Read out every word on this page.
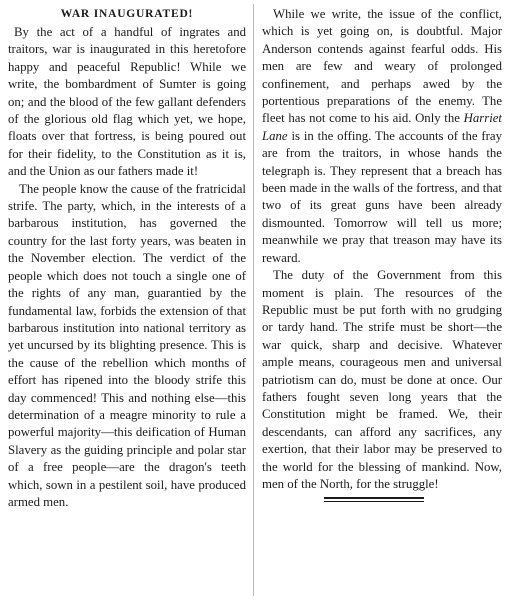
WAR INAUGURATED!

By the act of a handful of ingrates and traitors, war is inaugurated in this heretofore happy and peaceful Republic! While we write, the bombardment of Sumter is going on; and the blood of the few gallant defenders of the glorious old flag which yet, we hope, floats over that fortress, is being poured out for their fidelity, to the Constitution as it is, and the Union as our fathers made it!

The people know the cause of the fratricidal strife. The party, which, in the interests of a barbarous institution, has governed the country for the last forty years, was beaten in the November election. The verdict of the people which does not touch a single one of the rights of any man, guarantied by the fundamental law, forbids the extension of that barbarous institution into national territory as yet uncursed by its blighting presence. This is the cause of the rebellion which months of effort has ripened into the bloody strife this day commenced! This and nothing else—this determination of a meagre minority to rule a powerful majority—this deification of Human Slavery as the guiding principle and polar star of a free people—are the dragon's teeth which, sown in a pestilent soil, have produced armed men.

While we write, the issue of the conflict, which is yet going on, is doubtful. Major Anderson contends against fearful odds. His men are few and weary of prolonged confinement, and perhaps awed by the portentious preparations of the enemy. The fleet has not come to his aid. Only the Harriet Lane is in the offing. The accounts of the fray are from the traitors, in whose hands the telegraph is. They represent that a breach has been made in the walls of the fortress, and that two of its great guns have been already dismounted. Tomorrow will tell us more; meanwhile we pray that treason may have its reward.

The duty of the Government from this moment is plain. The resources of the Republic must be put forth with no grudging or tardy hand. The strife must be short—the war quick, sharp and decisive. Whatever ample means, courageous men and universal patriotism can do, must be done at once. Our fathers fought seven long years that the Constitution might be framed. We, their descendants, can afford any sacrifices, any exertion, that their labor may be preserved to the world for the blessing of mankind. Now, men of the North, for the struggle!
